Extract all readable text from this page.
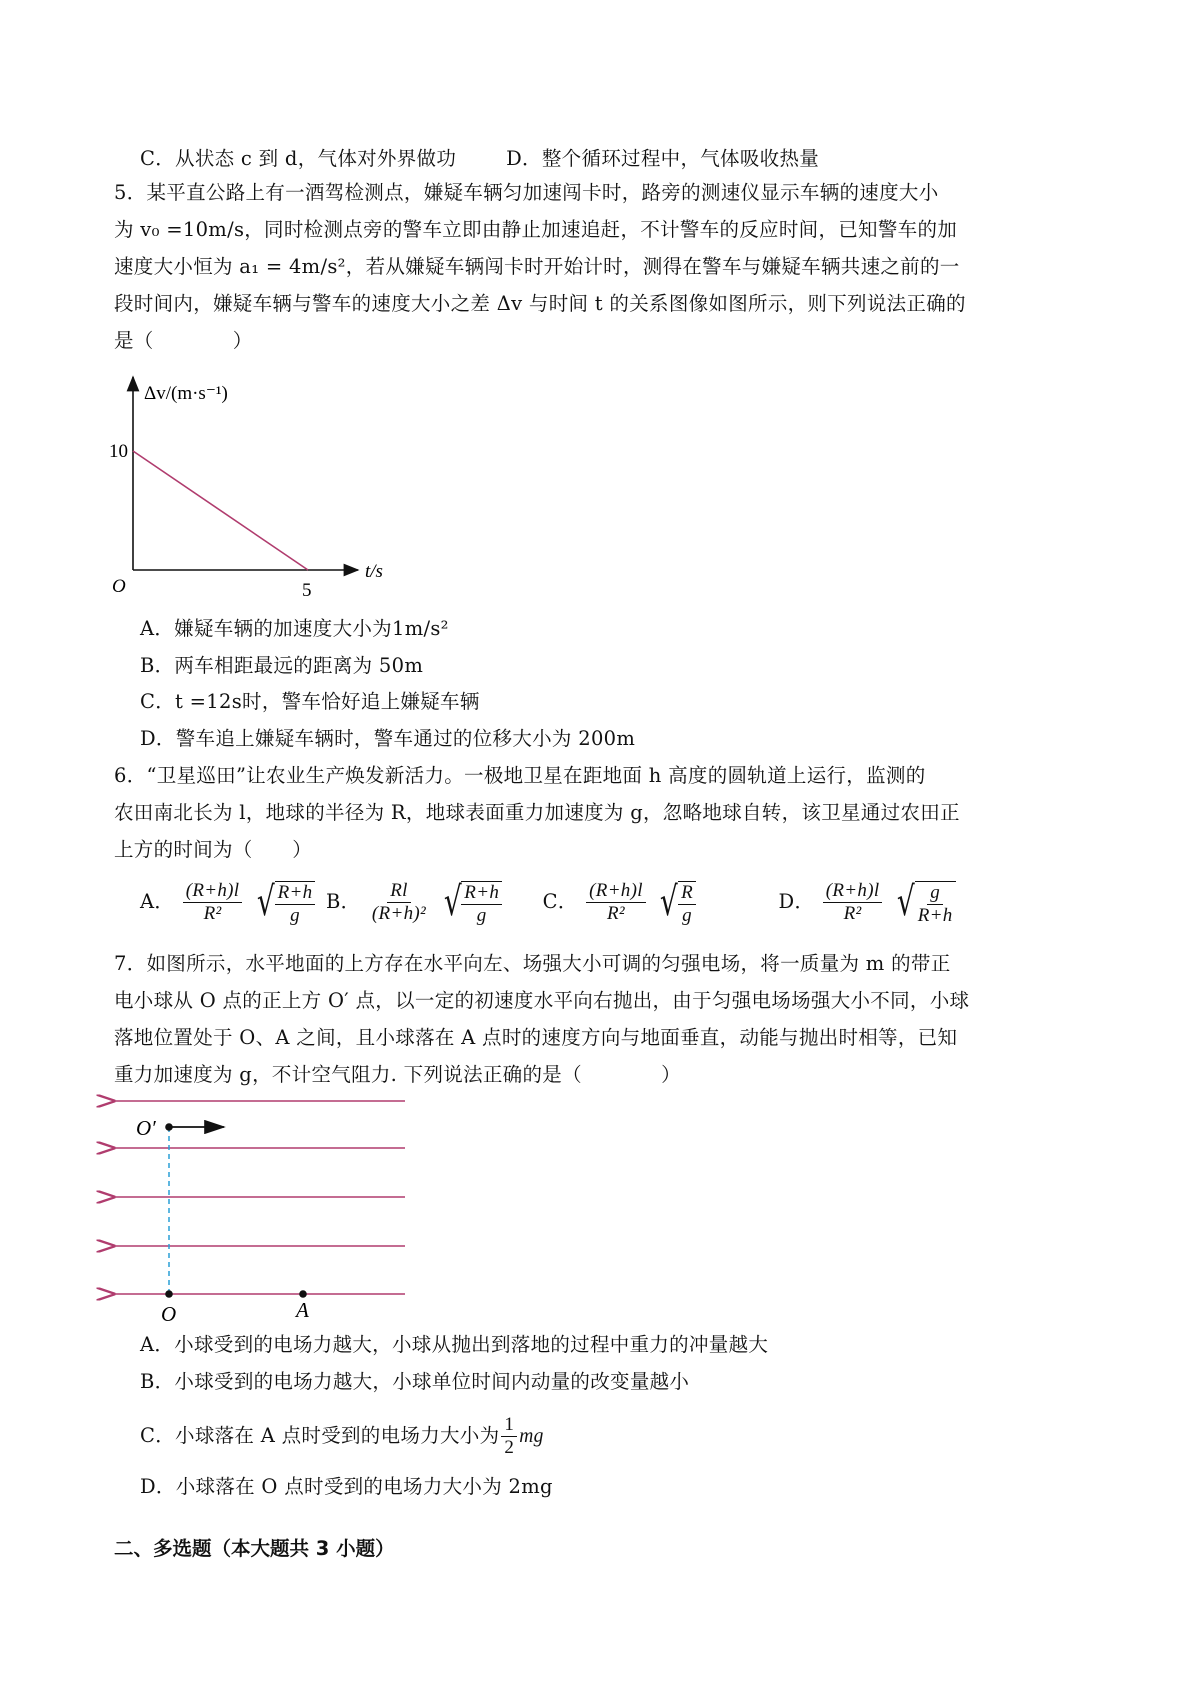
C．从状态 c 到 d，气体对外界做功	D．整个循环过程中，气体吸收热量
5．某平直公路上有一酒驾检测点，嫌疑车辆匀加速闯卡时，路旁的测速仪显示车辆的速度大小
为 v₀ =10m/s，同时检测点旁的警车立即由静止加速追赶，不计警车的反应时间，已知警车的加
速度大小恒为 a₁ = 4m/s²，若从嫌疑车辆闯卡时开始计时，测得在警车与嫌疑车辆共速之前的一
段时间内，嫌疑车辆与警车的速度大小之差 Δv 与时间 t 的关系图像如图所示，则下列说法正确的
是（　　　　）
Δv/(m·s⁻¹)
t/s
O
10
5
A．嫌疑车辆的加速度大小为1m/s²
B．两车相距最远的距离为 50m
C．t =12s时，警车恰好追上嫌疑车辆
D．警车追上嫌疑车辆时，警车通过的位移大小为 200m
6．“卫星巡田”让农业生产焕发新活力。一极地卫星在距地面 h 高度的圆轨道上运行，监测的
农田南北长为 l，地球的半径为 R，地球表面重力加速度为 g，忽略地球自转，该卫星通过农田正
上方的时间为（　　）
A． $\frac{(R+h)l}{\text{R²}}$
√ $\frac{R+h}{g}$ B． $\frac{Rl}{\text{(R+h)²}}$
√ $\frac{R+h}{g}$ C． $\frac{(R+h)l}{\text{R²}}$
√ $\frac{R}{g}$	D． $\frac{(R+h)l}{\text{R²}}$
√ $\frac{g}{R+h}$
7．如图所示，水平地面的上方存在水平向左、场强大小可调的匀强电场，将一质量为 m 的带正
电小球从 O 点的正上方 O′ 点，以一定的初速度水平向右抛出，由于匀强电场场强大小不同，小球
落地位置处于 O、A 之间，且小球落在 A 点时的速度方向与地面垂直，动能与抛出时相等，已知
重力加速度为 g，不计空气阻力. 下列说法正确的是（　　　　）
O′
O	A
A．小球受到的电场力越大，小球从抛出到落地的过程中重力的冲量越大
B．小球受到的电场力越大，小球单位时间内动量的改变量越小
C．小球落在 A 点时受到的电场力大小为 $\frac{1}{2}$ mg
D．小球落在 O 点时受到的电场力大小为 2mg
二、多选题（本大题共 3 小题）
